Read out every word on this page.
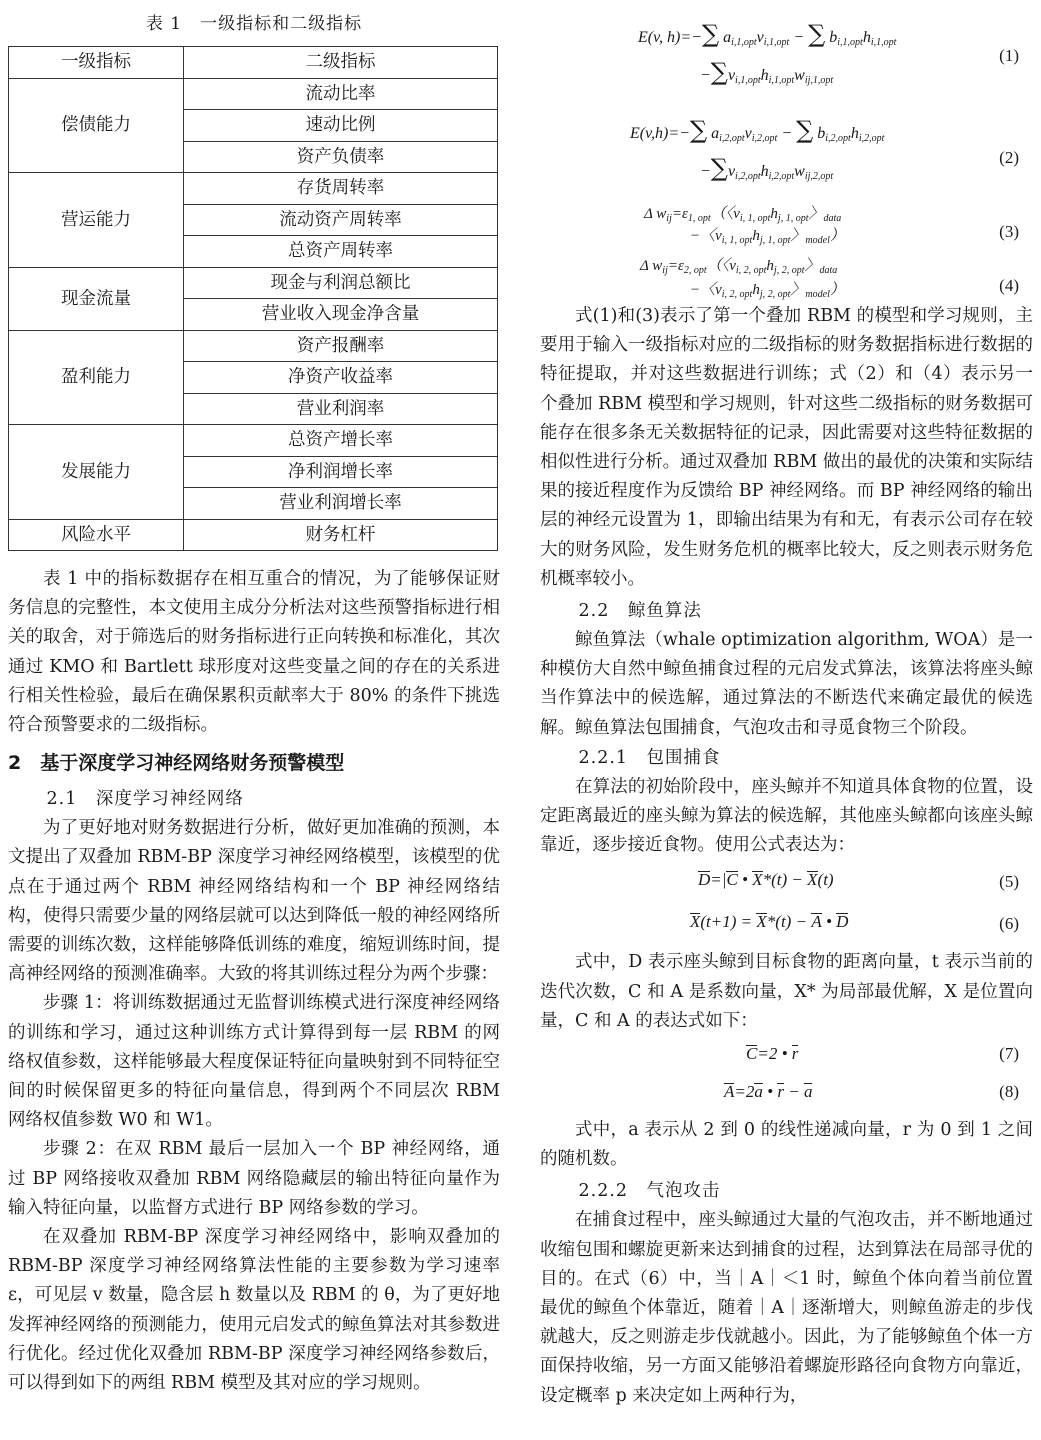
表 1　一级指标和二级指标
一级指标	二级指标
偿债能力	流动比率
	速动比例
	资产负债率
营运能力	存货周转率
	流动资产周转率
	总资产周转率
现金流量	现金与利润总额比
	营业收入现金净含量
盈利能力	资产报酬率
	净资产收益率
	营业利润率
发展能力	总资产增长率
	净利润增长率
	营业利润增长率
风险水平	财务杠杆

表 1 中的指标数据存在相互重合的情况，为了能够保证财务信息的完整性，本文使用主成分分析法对这些预警指标进行相关的取舍，对于筛选后的财务指标进行正向转换和标准化，其次通过 KMO 和 Bartlett 球形度对这些变量之间的存在的关系进行相关性检验，最后在确保累积贡献率大于 80% 的条件下挑选符合预警要求的二级指标。

2　基于深度学习神经网络财务预警模型
2.1　深度学习神经网络

为了更好地对财务数据进行分析，做好更加准确的预测，本文提出了双叠加 RBM-BP 深度学习神经网络模型，该模型的优点在于通过两个 RBM 神经网络结构和一个 BP 神经网络结构，使得只需要少量的网络层就可以达到降低一般的神经网络所需要的训练次数，这样能够降低训练的难度，缩短训练时间，提高神经网络的预测准确率。大致的将其训练过程分为两个步骤：

步骤 1：将训练数据通过无监督训练模式进行深度神经网络的训练和学习，通过这种训练方式计算得到每一层 RBM 的网络权值参数，这样能够最大程度保证特征向量映射到不同特征空间的时候保留更多的特征向量信息，得到两个不同层次 RBM 网络权值参数 W0 和 W1。

步骤 2：在双 RBM 最后一层加入一个 BP 神经网络，通过 BP 网络接收双叠加 RBM 网络隐藏层的输出特征向量作为输入特征向量，以监督方式进行 BP 网络参数的学习。

在双叠加 RBM-BP 深度学习神经网络中，影响双叠加的 RBM-BP 深度学习神经网络算法性能的主要参数为学习速率 ε，可见层 v 数量，隐含层 h 数量以及 RBM 的 θ，为了更好地发挥神经网络的预测能力，使用元启发式的鲸鱼算法对其参数进行优化。经过优化双叠加 RBM-BP 深度学习神经网络参数后，可以得到如下的两组 RBM 模型及其对应的学习规则。

E(v, h)=−∑ $a_{i,1,opt}v_{i,1,opt}$ − ∑ $b_{i,1,opt}h_{i,1,opt}$
$-\sum v_{i,1,opt}h_{i,1,opt}w_{ij,1,opt}$
(1)
E(v,h)=−∑ $a_{i,2,opt}v_{i,2,opt}$ − ∑ $b_{i,2,opt}h_{i,2,opt}$
$-\sum v_{i,2,opt}h_{i,2,opt}w_{ij,2,opt}$
(2)
Δ $w_{ij}=\varepsilon_{1, opt}$（〈$v_{i, 1, opt}h_{j, 1, opt}$〉$_{data}$
−〈$v_{i, 1, opt}h_{j, 1, opt}$〉$_{model}$）	(3)
Δ $w_{ij}=\varepsilon_{2, opt}$（〈$v_{i, 2, opt}h_{j, 2, opt}$〉$_{data}$
−〈$v_{i, 2, opt}h_{j, 2, opt}$〉$_{model}$）	(4)

式(1)和(3)表示了第一个叠加 RBM 的模型和学习规则，主要用于输入一级指标对应的二级指标的财务数据指标进行数据的特征提取，并对这些数据进行训练；式（2）和（4）表示另一个叠加 RBM 模型和学习规则，针对这些二级指标的财务数据可能存在很多条无关数据特征的记录，因此需要对这些特征数据的相似性进行分析。通过双叠加 RBM 做出的最优的决策和实际结果的接近程度作为反馈给 BP 神经网络。而 BP 神经网络的输出层的神经元设置为 1，即输出结果为有和无，有表示公司存在较大的财务风险，发生财务危机的概率比较大，反之则表示财务危机概率较小。

2.2　鲸鱼算法

鲸鱼算法（whale optimization algorithm, WOA）是一种模仿大自然中鲸鱼捕食过程的元启发式算法，该算法将座头鲸当作算法中的候选解，通过算法的不断迭代来确定最优的候选解。鲸鱼算法包围捕食，气泡攻击和寻觅食物三个阶段。

2.2.1　包围捕食

在算法的初始阶段中，座头鲸并不知道具体食物的位置，设定距离最近的座头鲸为算法的候选解，其他座头鲸都向该座头鲸靠近，逐步接近食物。使用公式表达为：

D=|C • X*(t) − X(t)	(5)
X(t+1) = X*(t) − A • D	(6)

式中，D 表示座头鲸到目标食物的距离向量，t 表示当前的迭代次数，C 和 A 是系数向量，X* 为局部最优解，X 是位置向量，C 和 A 的表达式如下：

C=2 • r	(7)
A=2a • r − a	(8)

式中，a 表示从 2 到 0 的线性递减向量，r 为 0 到 1 之间的随机数。

2.2.2　气泡攻击

在捕食过程中，座头鲸通过大量的气泡攻击，并不断地通过收缩包围和螺旋更新来达到捕食的过程，达到算法在局部寻优的目的。在式（6）中，当｜A｜＜1 时，鲸鱼个体向着当前位置最优的鲸鱼个体靠近，随着｜A｜逐渐增大，则鲸鱼游走的步伐就越大，反之则游走步伐就越小。因此，为了能够鲸鱼个体一方面保持收缩，另一方面又能够沿着螺旋形路径向食物方向靠近，设定概率 p 来决定如上两种行为，
